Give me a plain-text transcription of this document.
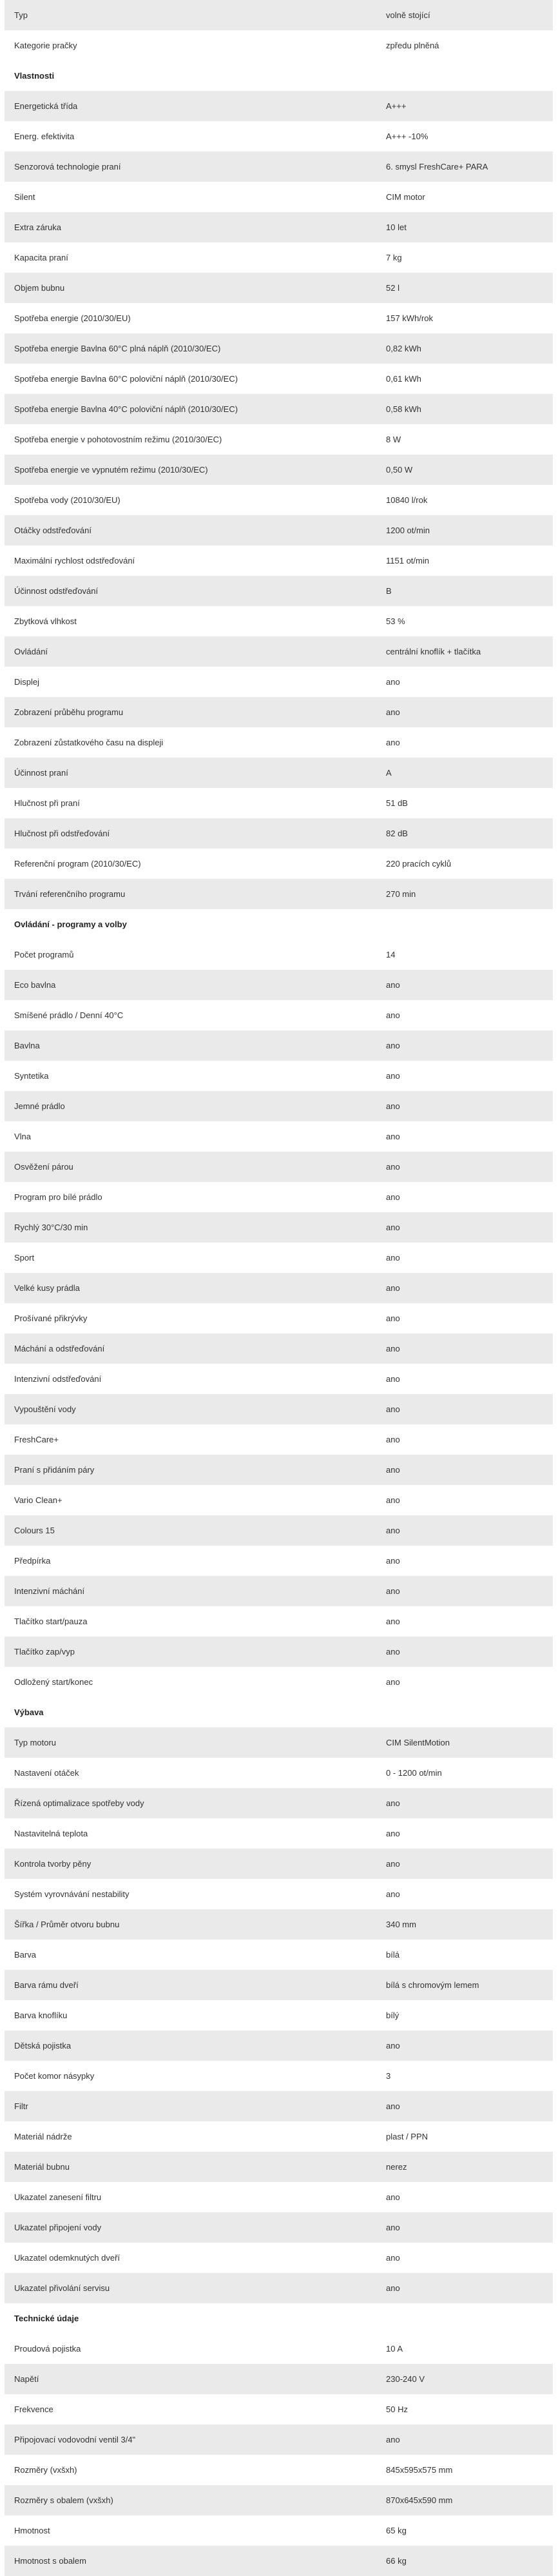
Typ	volně stojící
Kategorie pračky	zpředu plněná
Vlastnosti
Energetická třída	A+++
Energ. efektivita	A+++ -10%
Senzorová technologie praní	6. smysl FreshCare+ PARA
Silent	CIM motor
Extra záruka	10 let
Kapacita praní	7 kg
Objem bubnu	52 l
Spotřeba energie (2010/30/EU)	157 kWh/rok
Spotřeba energie Bavlna 60°C plná náplň (2010/30/EC)	0,82 kWh
Spotřeba energie Bavlna 60°C poloviční náplň (2010/30/EC)	0,61 kWh
Spotřeba energie Bavlna 40°C poloviční náplň (2010/30/EC)	0,58 kWh
Spotřeba energie v pohotovostním režimu (2010/30/EC)	8 W
Spotřeba energie ve vypnutém režimu (2010/30/EC)	0,50 W
Spotřeba vody (2010/30/EU)	10840 l/rok
Otáčky odstřeďování	1200 ot/min
Maximální rychlost odstřeďování	1151 ot/min
Účinnost odstřeďování	B
Zbytková vlhkost	53 %
Ovládání	centrální knoflík + tlačítka
Displej	ano
Zobrazení průběhu programu	ano
Zobrazení zůstatkového času na displeji	ano
Účinnost praní	A
Hlučnost při praní	51 dB
Hlučnost při odstřeďování	82 dB
Referenční program (2010/30/EC)	220 pracích cyklů
Trvání referenčního programu	270 min
Ovládání - programy a volby
Počet programů	14
Eco bavlna	ano
Smíšené prádlo / Denní 40°C	ano
Bavlna	ano
Syntetika	ano
Jemné prádlo	ano
Vlna	ano
Osvěžení párou	ano
Program pro bílé prádlo	ano
Rychlý 30°C/30 min	ano
Sport	ano
Velké kusy prádla	ano
Prošívané přikrývky	ano
Máchání a odstřeďování	ano
Intenzivní odstřeďování	ano
Vypouštění vody	ano
FreshCare+	ano
Praní s přidáním páry	ano
Vario Clean+	ano
Colours 15	ano
Předpírka	ano
Intenzivní máchání	ano
Tlačítko start/pauza	ano
Tlačítko zap/vyp	ano
Odložený start/konec	ano
Výbava
Typ motoru	CIM SilentMotion
Nastavení otáček	0 - 1200 ot/min
Řízená optimalizace spotřeby vody	ano
Nastavitelná teplota	ano
Kontrola tvorby pěny	ano
Systém vyrovnávání nestability	ano
Šířka / Průměr otvoru bubnu	340 mm
Barva	bílá
Barva rámu dveří	bílá s chromovým lemem
Barva knoflíku	bílý
Dětská pojistka	ano
Počet komor násypky	3
Filtr	ano
Materiál nádrže	plast / PPN
Materiál bubnu	nerez
Ukazatel zanesení filtru	ano
Ukazatel připojení vody	ano
Ukazatel odemknutých dveří	ano
Ukazatel přivolání servisu	ano
Technické údaje
Proudová pojistka	10 A
Napětí	230-240 V
Frekvence	50 Hz
Připojovací vodovodní ventil 3/4"	ano
Rozměry (vxšxh)	845x595x575 mm
Rozměry s obalem (vxšxh)	870x645x590 mm
Hmotnost	65 kg
Hmotnost s obalem	66 kg
